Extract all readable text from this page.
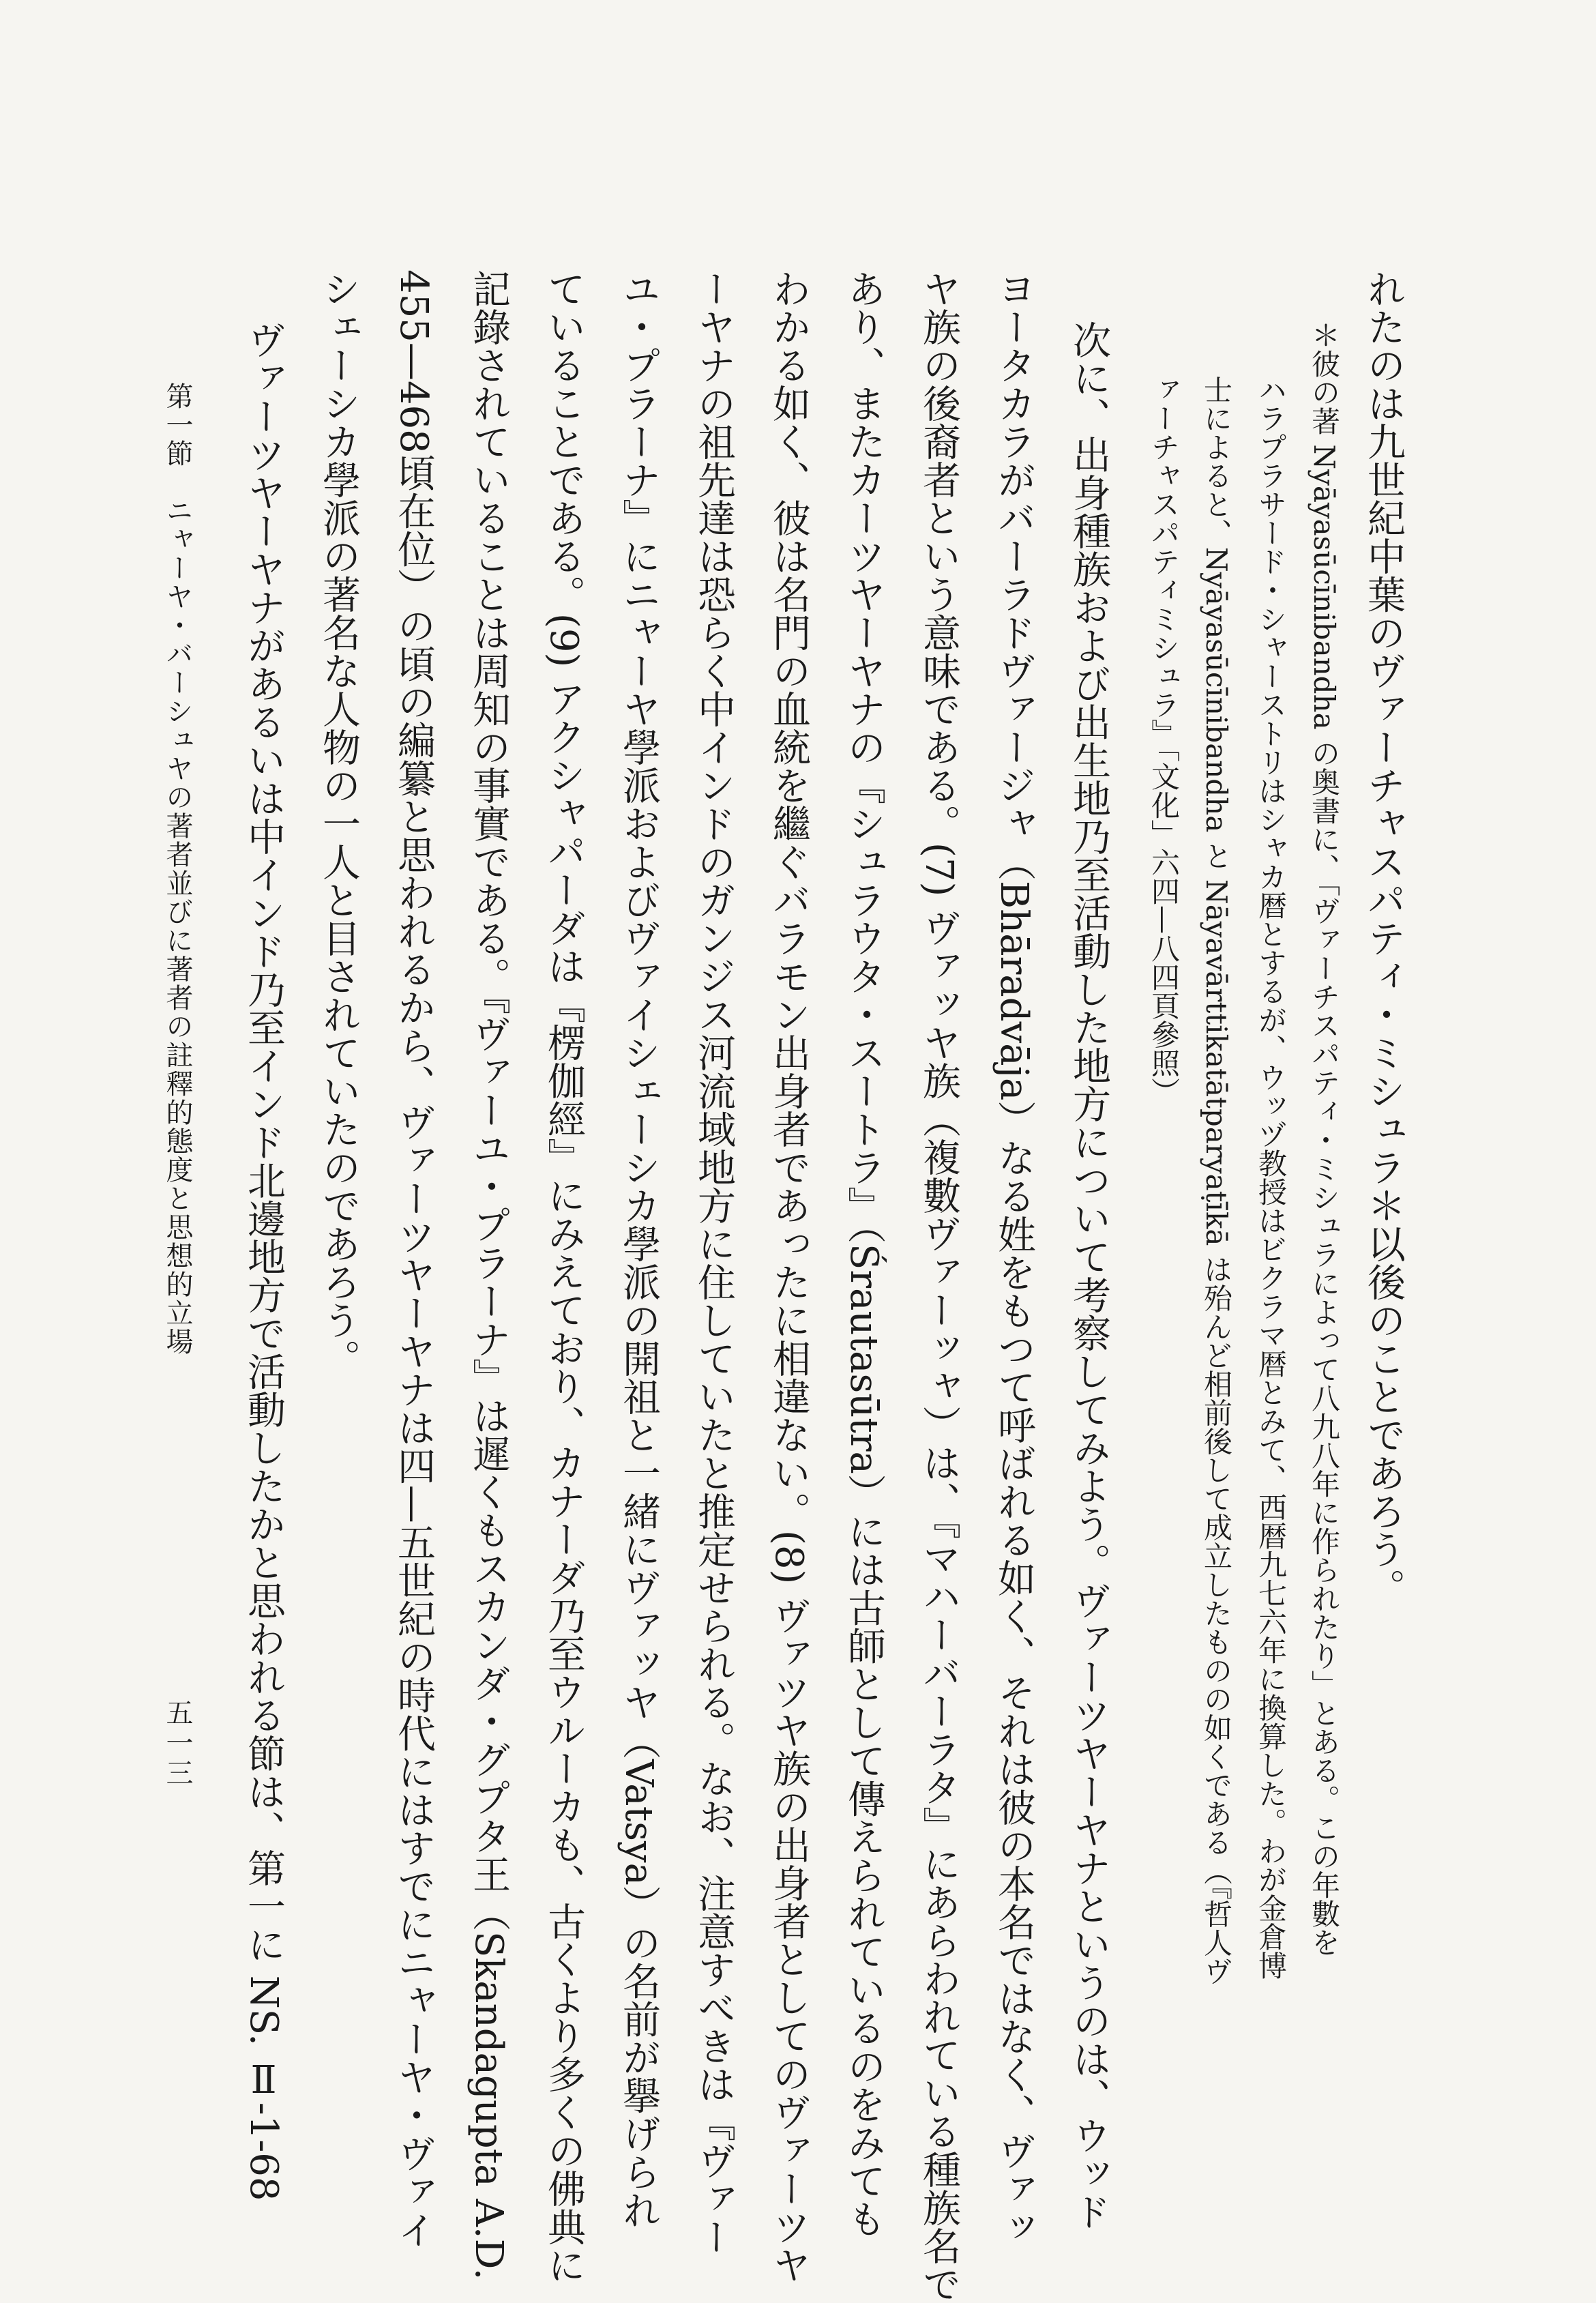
れたのは九世紀中葉のヴァーチャスパティ・ミシュラ＊以後のことであろう。
＊彼の著 Nyāyasūcīnibandha の奥書に、「ヴァーチスパティ・ミシュラによって八九八年に作られたり」とある。この年數を
ハラプラサード・シャーストリはシャカ暦とするが、ウッヅ教授はビクラマ暦とみて、西暦九七六年に換算した。わが金倉博
士によると、Nyāyasūcīnibandha と Nāyavārttikatātparyaṭīkā は殆んど相前後して成立したものの如くである（『哲人ヴ
ァーチャスパティミシュラ』「文化」六四—八四頁參照）
次に、出身種族および出生地乃至活動した地方について考察してみよう。ヴァーツヤーヤナというのは、ウッド
ヨータカラがバーラドヴァージャ（Bhāradvāja）なる姓をもつて呼ばれる如く、それは彼の本名ではなく、ヴァッ
ヤ族の後裔者という意味である。(7) ヴァッヤ族（複數ヴァーッャ）は、『マハーバーラタ』にあらわれている種族名で
あり、またカーツヤーヤナの『シュラウタ・スートラ』（Śrautasūtra）には古師として傳えられているのをみても
わかる如く、彼は名門の血統を繼ぐバラモン出身者であったに相違ない。(8) ヴァツヤ族の出身者としてのヴァーツヤ
ーヤナの祖先達は恐らく中インドのガンジス河流域地方に住していたと推定せられる。なお、注意すべきは『ヴァー
ユ・プラーナ』にニャーヤ學派およびヴァイシェーシカ學派の開祖と一緒にヴァッヤ（Vatsya）の名前が擧げられ
ていることである。(9) アクシャパーダは『楞伽經』にみえており、カナーダ乃至ウルーカも、古くより多くの佛典に
記錄されていることは周知の事實である。『ヴァーユ・プラーナ』は遲くもスカンダ・グプタ王（Skandagupta A.D.
455—468頃在位）の頃の編纂と思われるから、ヴァーツヤーヤナは四—五世紀の時代にはすでにニャーヤ・ヴァイ
シェーシカ學派の著名な人物の一人と目されていたのであろう。
ヴァーツヤーヤナがあるいは中インド乃至インド北邊地方で活動したかと思われる節は、第一に NS. Ⅱ-1-68
第一節　ニャーヤ・バーシュヤの著者並びに著者の註釋的態度と思想的立場
五一三
